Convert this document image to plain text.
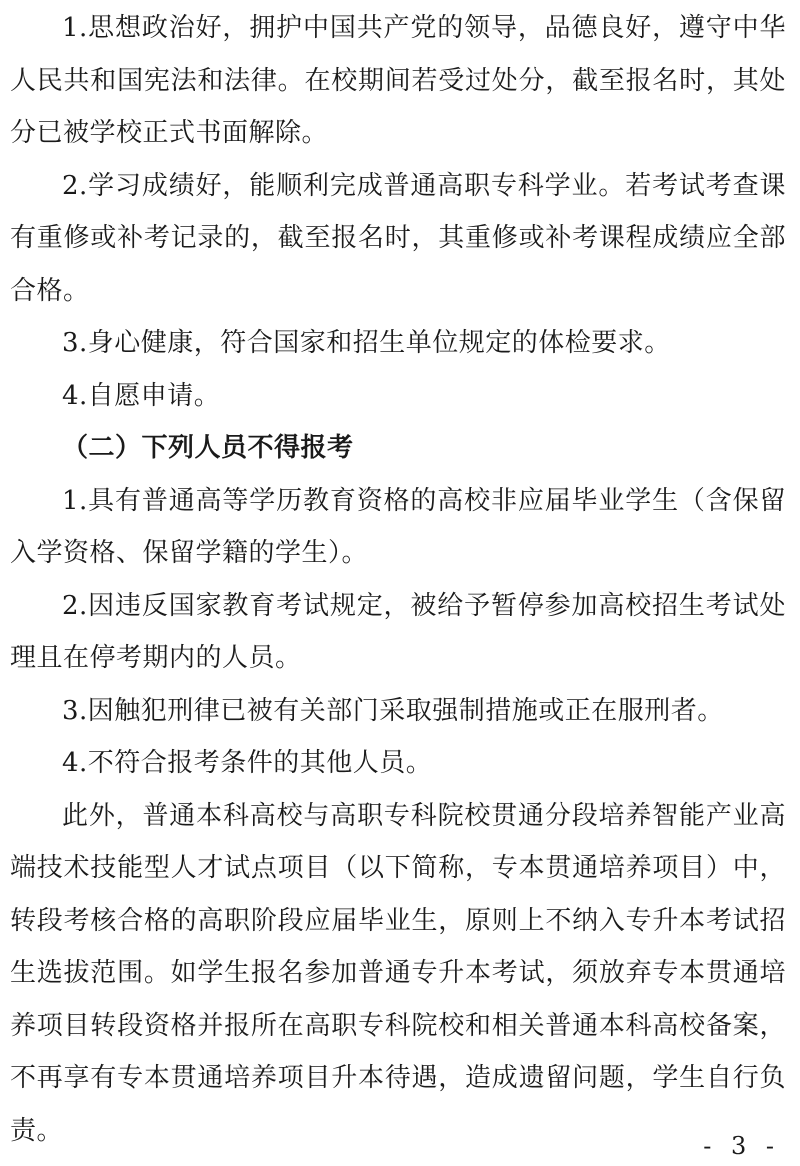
1.思想政治好，拥护中国共产党的领导，品德良好，遵守中华人民共和国宪法和法律。在校期间若受过处分，截至报名时，其处分已被学校正式书面解除。

2.学习成绩好，能顺利完成普通高职专科学业。若考试考查课有重修或补考记录的，截至报名时，其重修或补考课程成绩应全部合格。

3.身心健康，符合国家和招生单位规定的体检要求。

4.自愿申请。

（二）下列人员不得报考

1.具有普通高等学历教育资格的高校非应届毕业学生（含保留入学资格、保留学籍的学生）。

2.因违反国家教育考试规定，被给予暂停参加高校招生考试处理且在停考期内的人员。

3.因触犯刑律已被有关部门采取强制措施或正在服刑者。

4.不符合报考条件的其他人员。

此外，普通本科高校与高职专科院校贯通分段培养智能产业高端技术技能型人才试点项目（以下简称，专本贯通培养项目）中，转段考核合格的高职阶段应届毕业生，原则上不纳入专升本考试招生选拔范围。如学生报名参加普通专升本考试，须放弃专本贯通培养项目转段资格并报所在高职专科院校和相关普通本科高校备案，不再享有专本贯通培养项目升本待遇，造成遗留问题，学生自行负责。

- 3 -
